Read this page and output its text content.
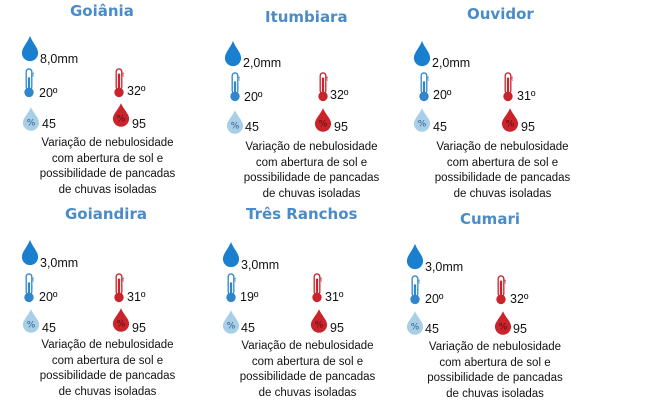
Goiânia
8,0mm
20º	32º
45	95
Variação de nebulosidade
com abertura de sol e
possibilidade de pancadas
de chuvas isoladas
Itumbiara
2,0mm
20º	32º
45	95
Variação de nebulosidade
com abertura de sol e
possibilidade de pancadas
de chuvas isoladas
Ouvidor
2,0mm
20º	31º
45	95
Variação de nebulosidade
com abertura de sol e
possibilidade de pancadas
de chuvas isoladas
Goiandira
3,0mm
20º	31º
45	95
Variação de nebulosidade
com abertura de sol e
possibilidade de pancadas
de chuvas isoladas
Três Ranchos
3,0mm
19º	31º
45	95
Variação de nebulosidade
com abertura de sol e
possibilidade de pancadas
de chuvas isoladas
Cumari
3,0mm
20º	32º
45	95
Variação de nebulosidade
com abertura de sol e
possibilidade de pancadas
de chuvas isoladas
